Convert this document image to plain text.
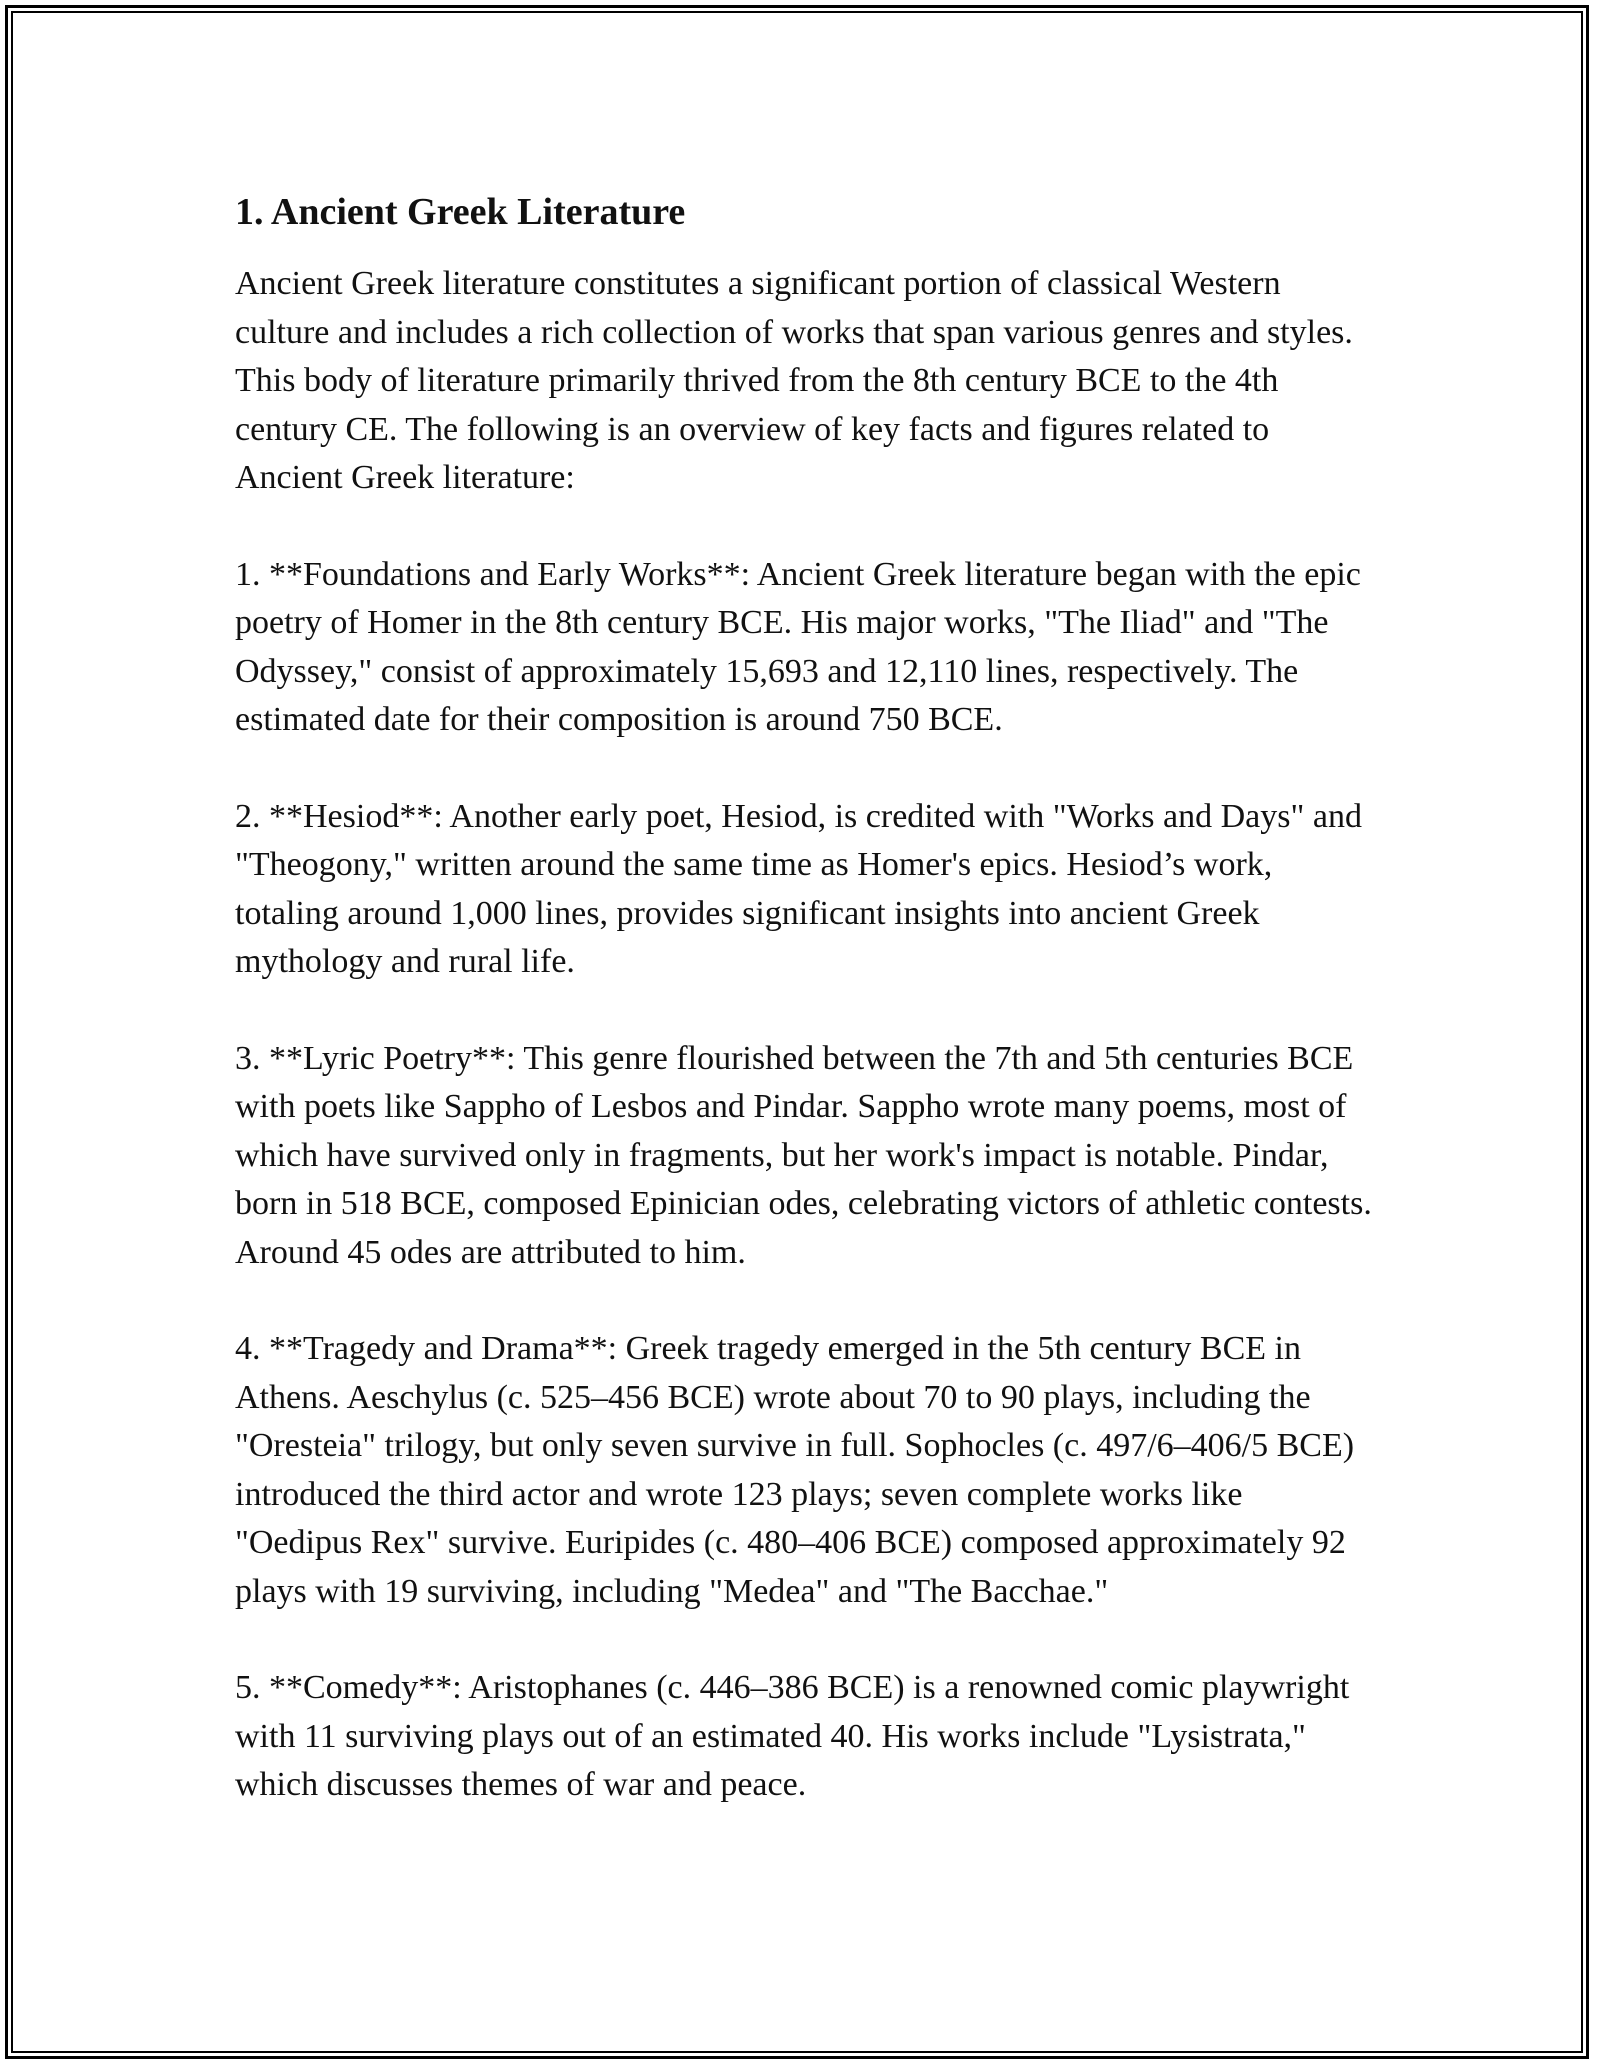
1. Ancient Greek Literature

Ancient Greek literature constitutes a significant portion of classical Western culture and includes a rich collection of works that span various genres and styles. This body of literature primarily thrived from the 8th century BCE to the 4th century CE. The following is an overview of key facts and figures related to Ancient Greek literature:

1. **Foundations and Early Works**: Ancient Greek literature began with the epic poetry of Homer in the 8th century BCE. His major works, "The Iliad" and "The Odyssey," consist of approximately 15,693 and 12,110 lines, respectively. The estimated date for their composition is around 750 BCE.

2. **Hesiod**: Another early poet, Hesiod, is credited with "Works and Days" and "Theogony," written around the same time as Homer's epics. Hesiod’s work, totaling around 1,000 lines, provides significant insights into ancient Greek mythology and rural life.

3. **Lyric Poetry**: This genre flourished between the 7th and 5th centuries BCE with poets like Sappho of Lesbos and Pindar. Sappho wrote many poems, most of which have survived only in fragments, but her work's impact is notable. Pindar, born in 518 BCE, composed Epinician odes, celebrating victors of athletic contests. Around 45 odes are attributed to him.

4. **Tragedy and Drama**: Greek tragedy emerged in the 5th century BCE in Athens. Aeschylus (c. 525–456 BCE) wrote about 70 to 90 plays, including the "Oresteia" trilogy, but only seven survive in full. Sophocles (c. 497/6–406/5 BCE) introduced the third actor and wrote 123 plays; seven complete works like "Oedipus Rex" survive. Euripides (c. 480–406 BCE) composed approximately 92 plays with 19 surviving, including "Medea" and "The Bacchae."

5. **Comedy**: Aristophanes (c. 446–386 BCE) is a renowned comic playwright with 11 surviving plays out of an estimated 40. His works include "Lysistrata," which discusses themes of war and peace.
